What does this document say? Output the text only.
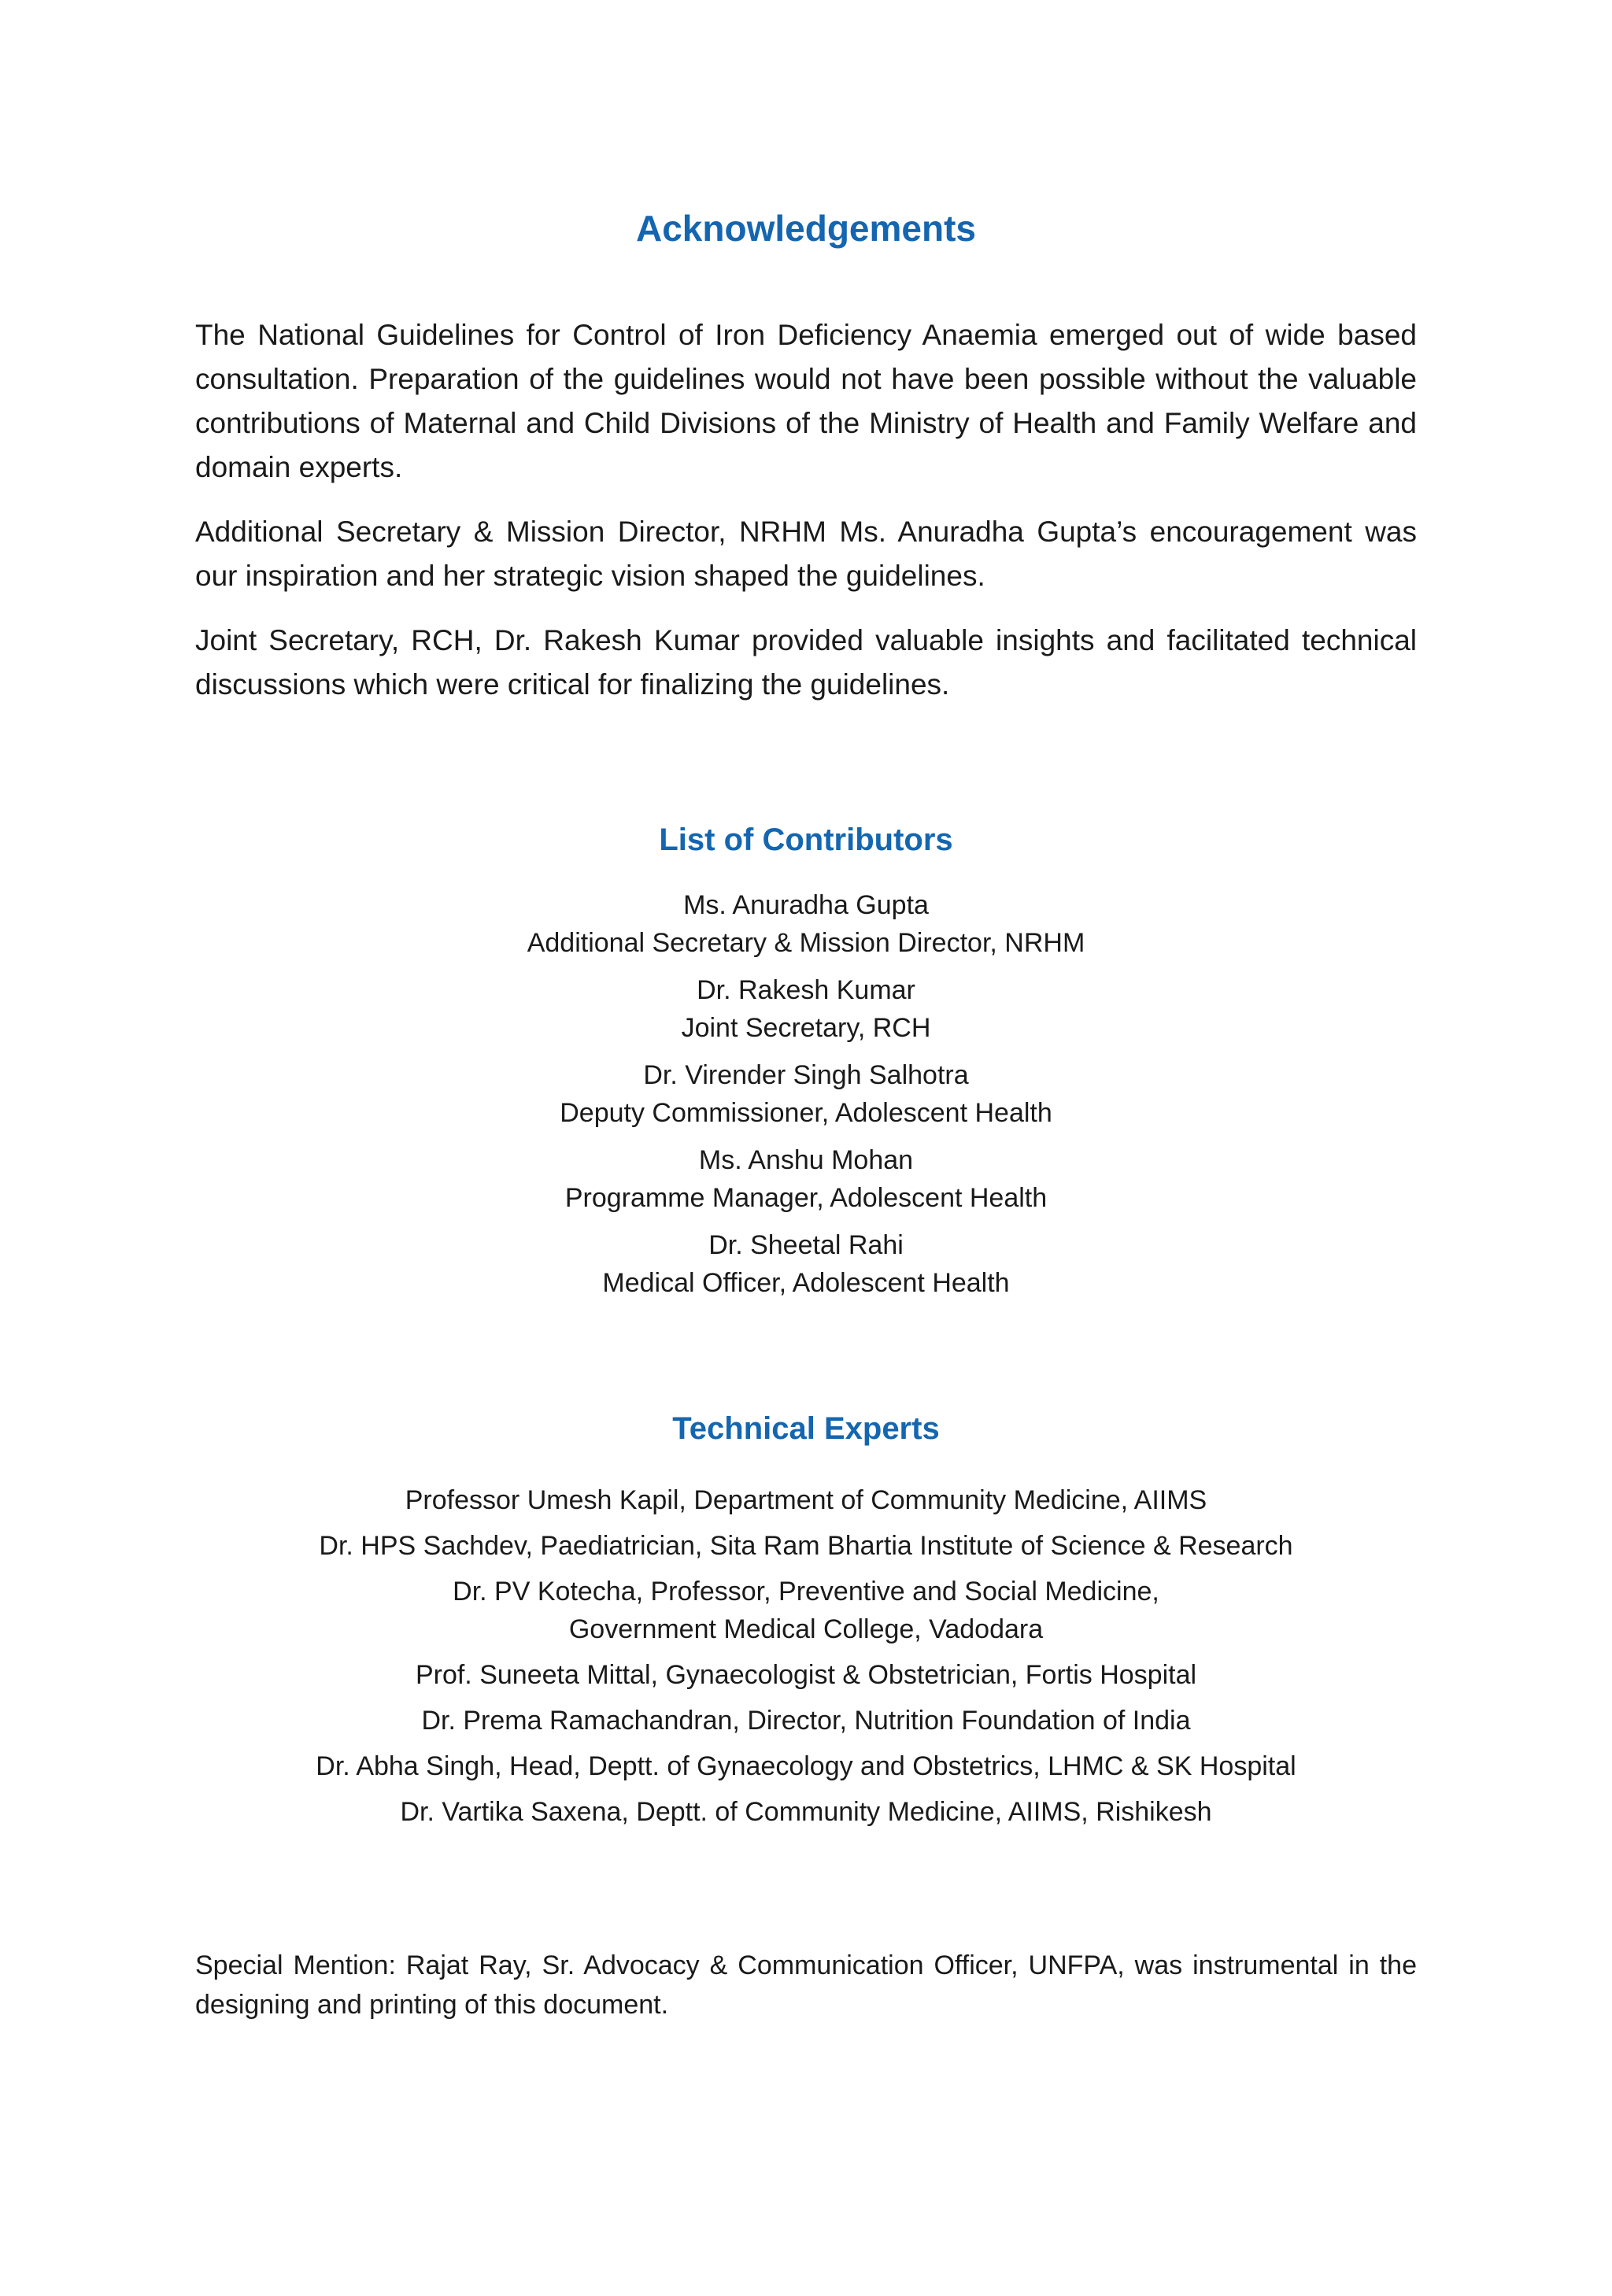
Acknowledgements

The National Guidelines for Control of Iron Deficiency Anaemia emerged out of wide based consultation. Preparation of the guidelines would not have been possible without the valuable contributions of Maternal and Child Divisions of the Ministry of Health and Family Welfare and domain experts.

Additional Secretary & Mission Director, NRHM Ms. Anuradha Gupta’s encouragement was our inspiration and her strategic vision shaped the guidelines.

Joint Secretary, RCH, Dr. Rakesh Kumar provided valuable insights and facilitated technical discussions which were critical for finalizing the guidelines.

List of Contributors
Ms. Anuradha Gupta
Additional Secretary & Mission Director, NRHM
Dr. Rakesh Kumar
Joint Secretary, RCH
Dr. Virender Singh Salhotra
Deputy Commissioner, Adolescent Health
Ms. Anshu Mohan
Programme Manager, Adolescent Health
Dr. Sheetal Rahi
Medical Officer, Adolescent Health
Technical Experts
Professor Umesh Kapil, Department of Community Medicine, AIIMS
Dr. HPS Sachdev, Paediatrician, Sita Ram Bhartia Institute of Science & Research
Dr. PV Kotecha, Professor, Preventive and Social Medicine,
Government Medical College, Vadodara
Prof. Suneeta Mittal, Gynaecologist & Obstetrician, Fortis Hospital
Dr. Prema Ramachandran, Director, Nutrition Foundation of India
Dr. Abha Singh, Head, Deptt. of Gynaecology and Obstetrics, LHMC & SK Hospital
Dr. Vartika Saxena, Deptt. of Community Medicine, AIIMS, Rishikesh

Special Mention: Rajat Ray, Sr. Advocacy & Communication Officer, UNFPA, was instrumental in the designing and printing of this document.
